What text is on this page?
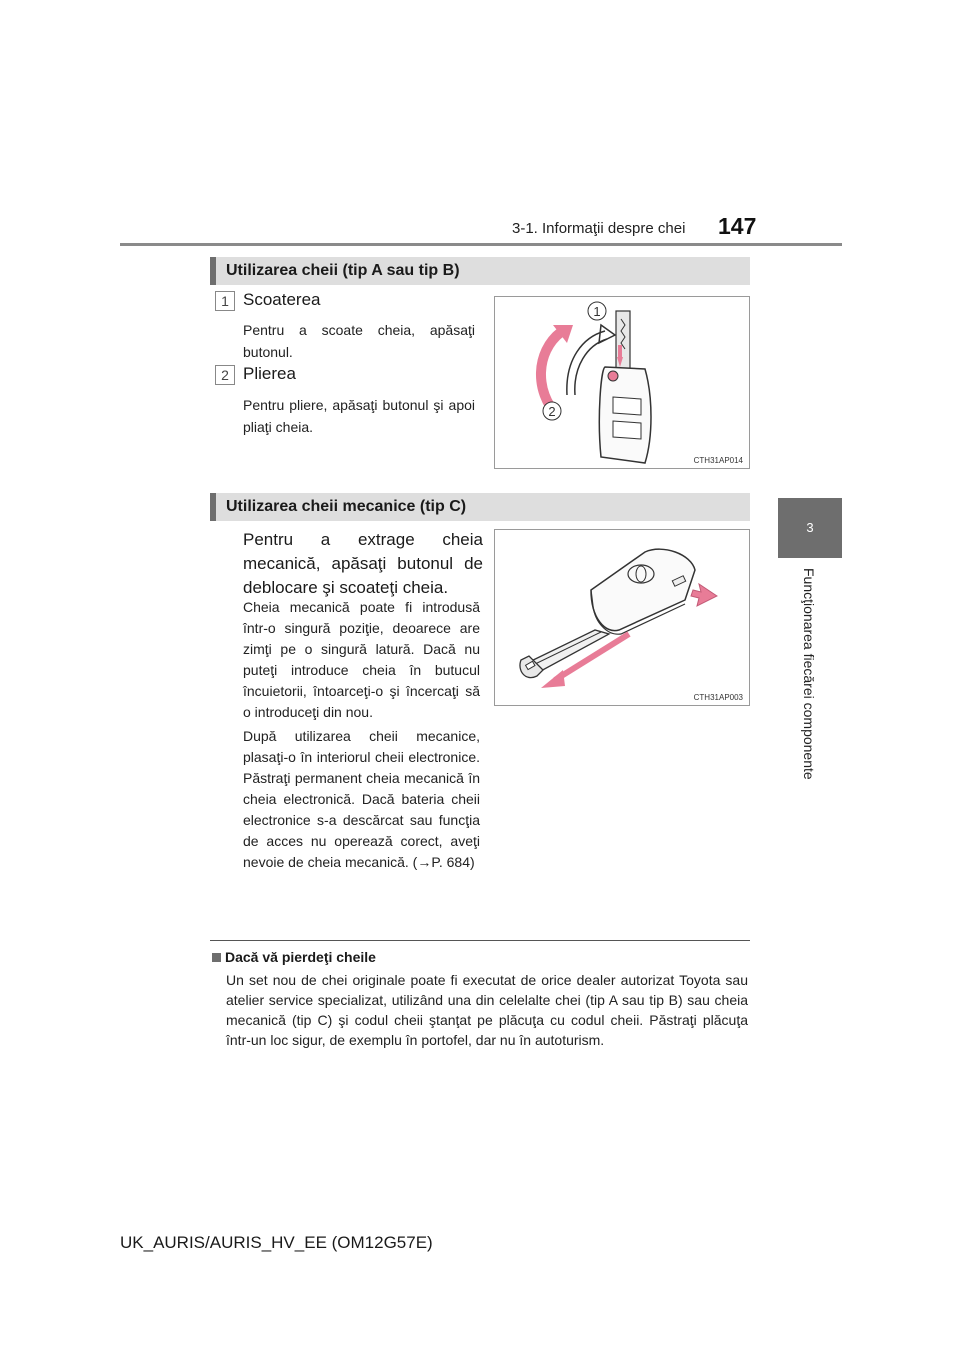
3-1. Informaţii despre chei 147
3
Funcţionarea fiecărei componente
Utilizarea cheii (tip A sau tip B)
1 Scoaterea
Pentru a scoate cheia, apăsaţi butonul.
2 Plierea
Pentru pliere, apăsaţi butonul şi apoi pliaţi cheia.
1
2
CTH31AP014
Utilizarea cheii mecanice (tip C)
Pentru a extrage cheia mecanică, apăsaţi butonul de deblocare şi scoateţi cheia.
Cheia mecanică poate fi introdusă într-o singură poziţie, deoarece are zimţi pe o singură latură. Dacă nu puteţi introduce cheia în butucul încuietorii, întoarceţi-o şi încercaţi să o introduceţi din nou.
După utilizarea cheii mecanice, plasaţi-o în interiorul cheii electronice. Păstraţi permanent cheia mecanică în cheia electronică. Dacă bateria cheii electronice s-a descărcat sau funcţia de acces nu operează corect, aveţi nevoie de cheia mecanică. (→P. 684)
CTH31AP003
Dacă vă pierdeţi cheile
Un set nou de chei originale poate fi executat de orice dealer autorizat Toyota sau atelier service specializat, utilizând una din celelalte chei (tip A sau tip B) sau cheia mecanică (tip C) şi codul cheii ştanţat pe plăcuţa cu codul cheii. Păstraţi plăcuţa într-un loc sigur, de exemplu în portofel, dar nu în autoturism.
UK_AURIS/AURIS_HV_EE (OM12G57E)
